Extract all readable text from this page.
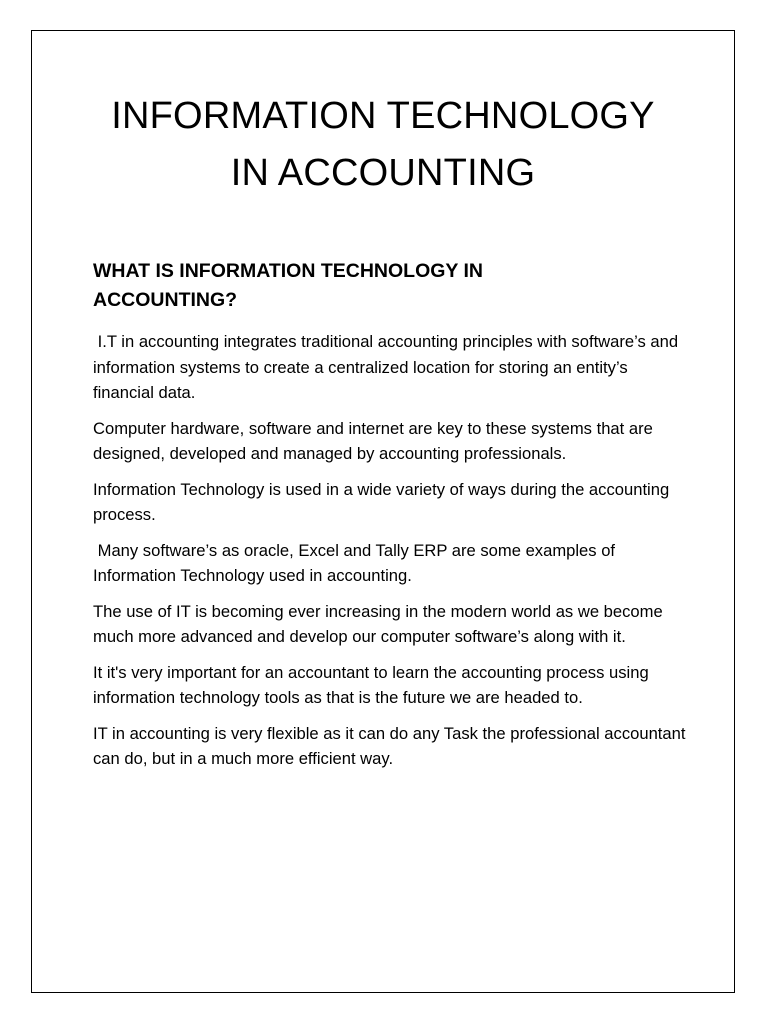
INFORMATION TECHNOLOGY
IN ACCOUNTING
WHAT IS INFORMATION TECHNOLOGY IN
ACCOUNTING?

I.T in accounting integrates traditional accounting principles with software’s and information systems to create a centralized location for storing an entity’s financial data.

Computer hardware, software and internet are key to these systems that are designed, developed and managed by accounting professionals.

Information Technology is used in a wide variety of ways during the accounting process.

Many software’s as oracle, Excel and Tally ERP are some examples of Information Technology used in accounting.

The use of IT is becoming ever increasing in the modern world as we become much more advanced and develop our computer software’s along with it.

It it's very important for an accountant to learn the accounting process using information technology tools as that is the future we are headed to.

IT in accounting is very flexible as it can do any Task the professional accountant can do, but in a much more efficient way.
